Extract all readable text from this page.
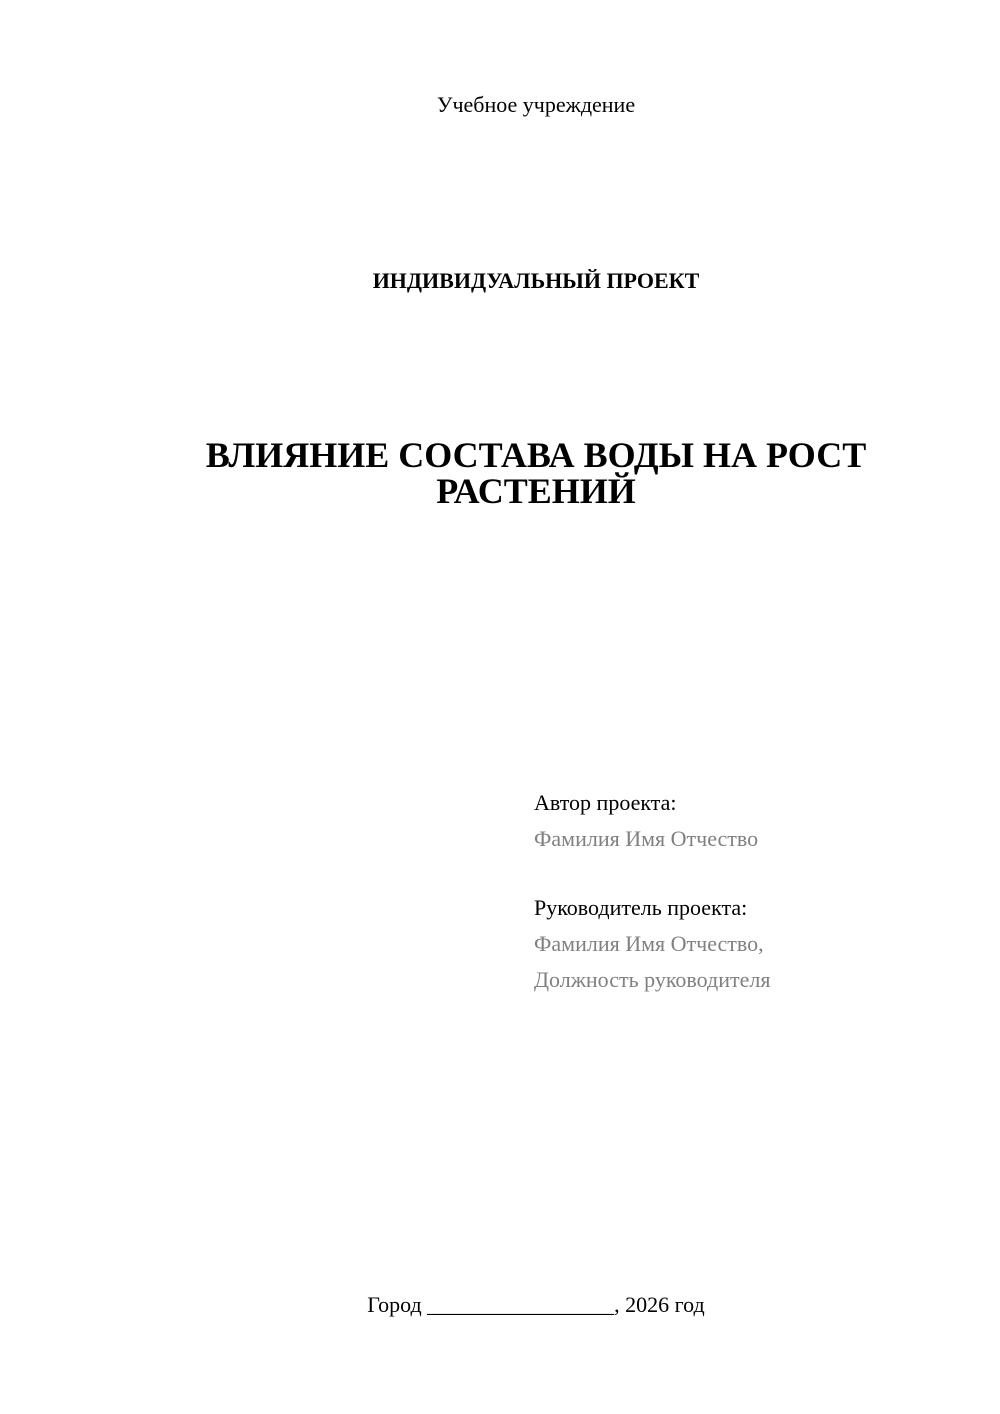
Учебное учреждение
ИНДИВИДУАЛЬНЫЙ ПРОЕКТ
ВЛИЯНИЕ СОСТАВА ВОДЫ НА РОСТ
РАСТЕНИЙ
Автор проекта:
Фамилия Имя Отчество
Руководитель проекта:
Фамилия Имя Отчество,
Должность руководителя
Город _________________, 2026 год
